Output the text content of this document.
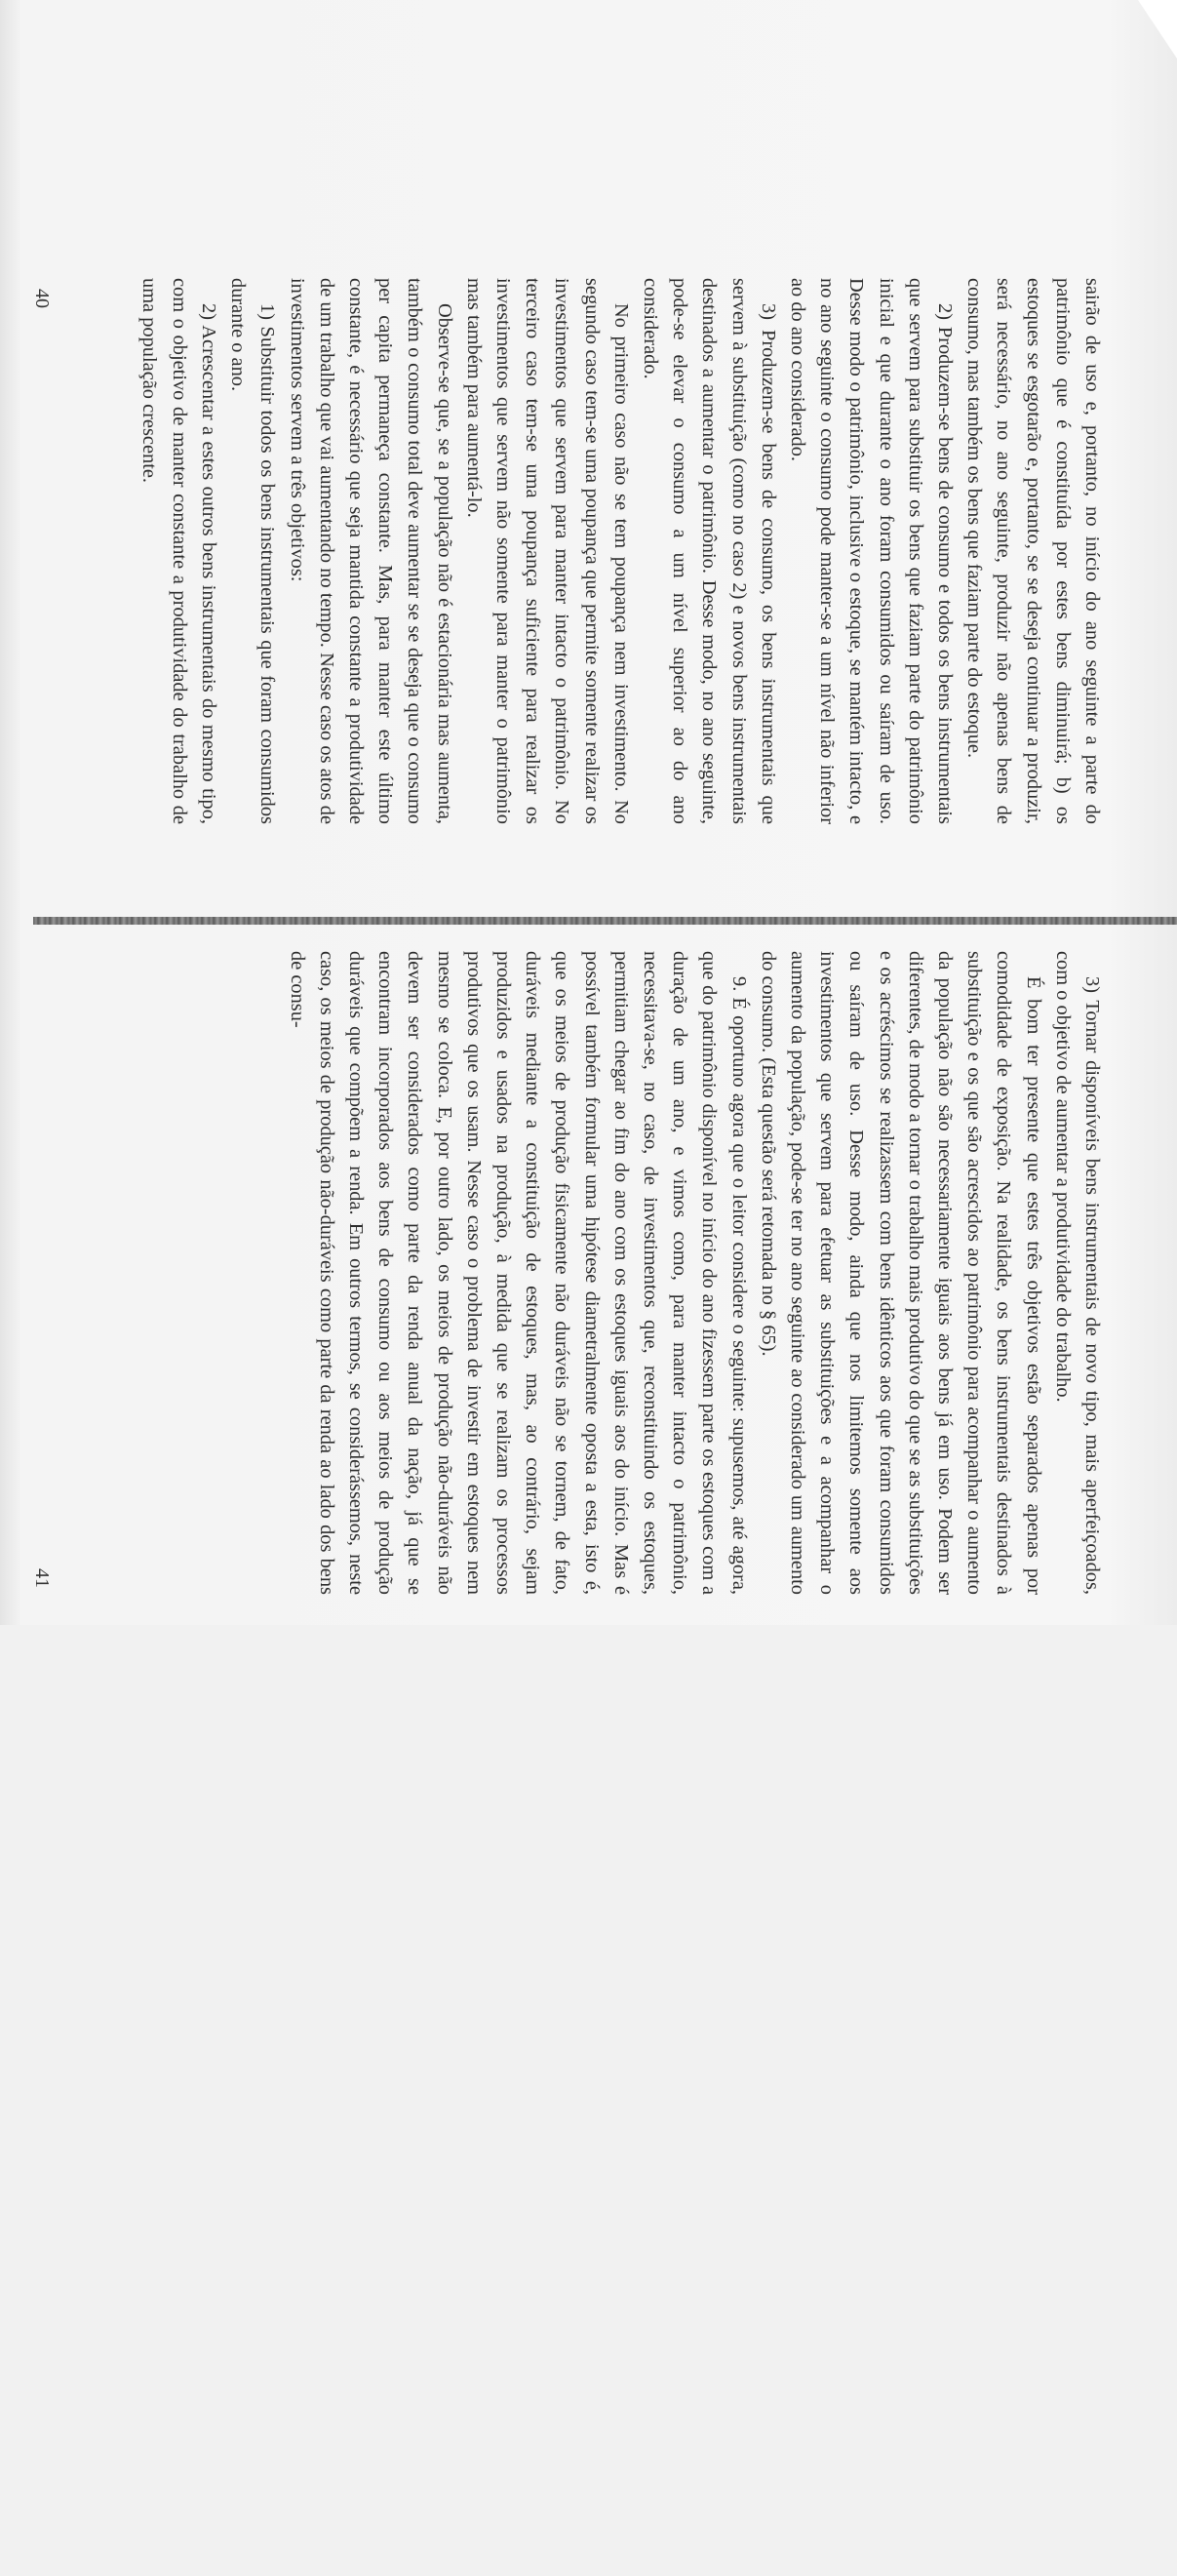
sairão de uso e, portanto, no início do ano seguinte a parte do patrimônio que é constituída por estes bens diminuirá; b) os estoques se esgotarão e, portanto, se se deseja continuar a produzir, será necessário, no ano seguinte, produzir não apenas bens de consumo, mas também os bens que faziam parte do estoque.

2) Produzem-se bens de consumo e todos os bens instrumentais que servem para substituir os bens que faziam parte do patrimônio inicial e que durante o ano foram consumidos ou saíram de uso. Desse modo o patrimônio, inclusive o estoque, se mantém intacto, e no ano seguinte o consumo pode manter-se a um nível não inferior ao do ano considerado.

3) Produzem-se bens de consumo, os bens instrumentais que servem à substituição (como no caso 2) e novos bens instrumentais destinados a aumentar o patrimônio. Desse modo, no ano seguinte, pode-se elevar o consumo a um nível superior ao do ano considerado.

No primeiro caso não se tem poupança nem investimento. No segundo caso tem-se uma poupança que permite somente realizar os investimentos que servem para manter intacto o patrimônio. No terceiro caso tem-se uma poupança suficiente para realizar os investimentos que servem não somente para manter o patrimônio mas também para aumentá-lo.

Observe-se que, se a população não é estacionária mas aumenta, também o consumo total deve aumentar se se deseja que o consumo per capita permaneça constante. Mas, para manter este último constante, é necessário que seja mantida constante a produtividade de um trabalho que vai aumentando no tempo. Nesse caso os atos de investimentos servem a três objetivos:

1) Substituir todos os bens instrumentais que foram consumidos durante o ano.

2) Acrescentar a estes outros bens instrumentais do mesmo tipo, com o objetivo de manter constante a produtividade do trabalho de uma população crescente.

3) Tornar disponíveis bens instrumentais de novo tipo, mais aperfeiçoados, com o objetivo de aumentar a produtividade do trabalho.

É bom ter presente que estes três objetivos estão separados apenas por comodidade de exposição. Na realidade, os bens instrumentais destinados à substituição e os que são acrescidos ao patrimônio para acompanhar o aumento da população não são necessariamente iguais aos bens já em uso. Podem ser diferentes, de modo a tornar o trabalho mais produtivo do que se as substituições e os acréscimos se realizassem com bens idênticos aos que foram consumidos ou saíram de uso. Desse modo, ainda que nos limitemos somente aos investimentos que servem para efetuar as substituições e a acompanhar o aumento da população, pode-se ter no ano seguinte ao considerado um aumento do consumo. (Esta questão será retomada no § 65).

9. É oportuno agora que o leitor considere o seguinte: supusemos, até agora, que do patrimônio disponível no início do ano fizessem parte os estoques com a duração de um ano, e vimos como, para manter intacto o patrimônio, necessitava-se, no caso, de investimentos que, reconstituindo os estoques, permitiam chegar ao fim do ano com os estoques iguais aos do início. Mas é possível também formular uma hipótese diametralmente oposta a esta, isto é, que os meios de produção fisicamente não duráveis não se tornem, de fato, duráveis mediante a constituição de estoques, mas, ao contrário, sejam produzidos e usados na produção, à medida que se realizam os processos produtivos que os usam. Nesse caso o problema de investir em estoques nem mesmo se coloca. E, por outro lado, os meios de produção não-duráveis não devem ser considerados como parte da renda anual da nação, já que se encontram incorporados aos bens de consumo ou aos meios de produção duráveis que compõem a renda. Em outros termos, se considerássemos, neste caso, os meios de produção não-duráveis como parte da renda ao lado dos bens de consu-

40
41
